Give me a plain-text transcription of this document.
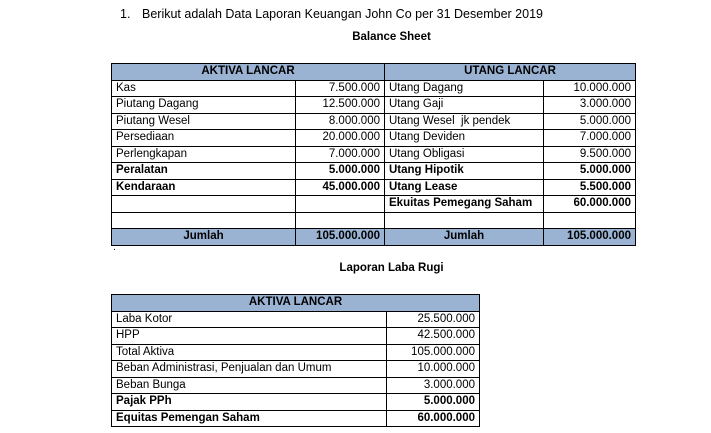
1. Berikut adalah Data Laporan Keuangan John Co per 31 Desember 2019
Balance Sheet
AKTIVA LANCAR		UTANG LANCAR	
Kas	7.500.000	Utang Dagang	10.000.000
Piutang Dagang	12.500.000	Utang Gaji	3.000.000
Piutang Wesel	8.000.000	Utang Wesel  jk pendek	5.000.000
Persediaan	20.000.000	Utang Deviden	7.000.000
Perlengkapan	7.000.000	Utang Obligasi	9.500.000
Peralatan	5.000.000	Utang Hipotik	5.000.000
Kendaraan	45.000.000	Utang Lease	5.500.000
		Ekuitas Pemegang Saham	60.000.000

Jumlah	105.000.000	Jumlah	105.000.000
.
Laporan Laba Rugi
AKTIVA LANCAR	
Laba Kotor	25.500.000
HPP	42.500.000
Total Aktiva	105.000.000
Beban Administrasi, Penjualan dan Umum	10.000.000
Beban Bunga	3.000.000
Pajak PPh	5.000.000
Equitas Pemengan Saham	60.000.000
